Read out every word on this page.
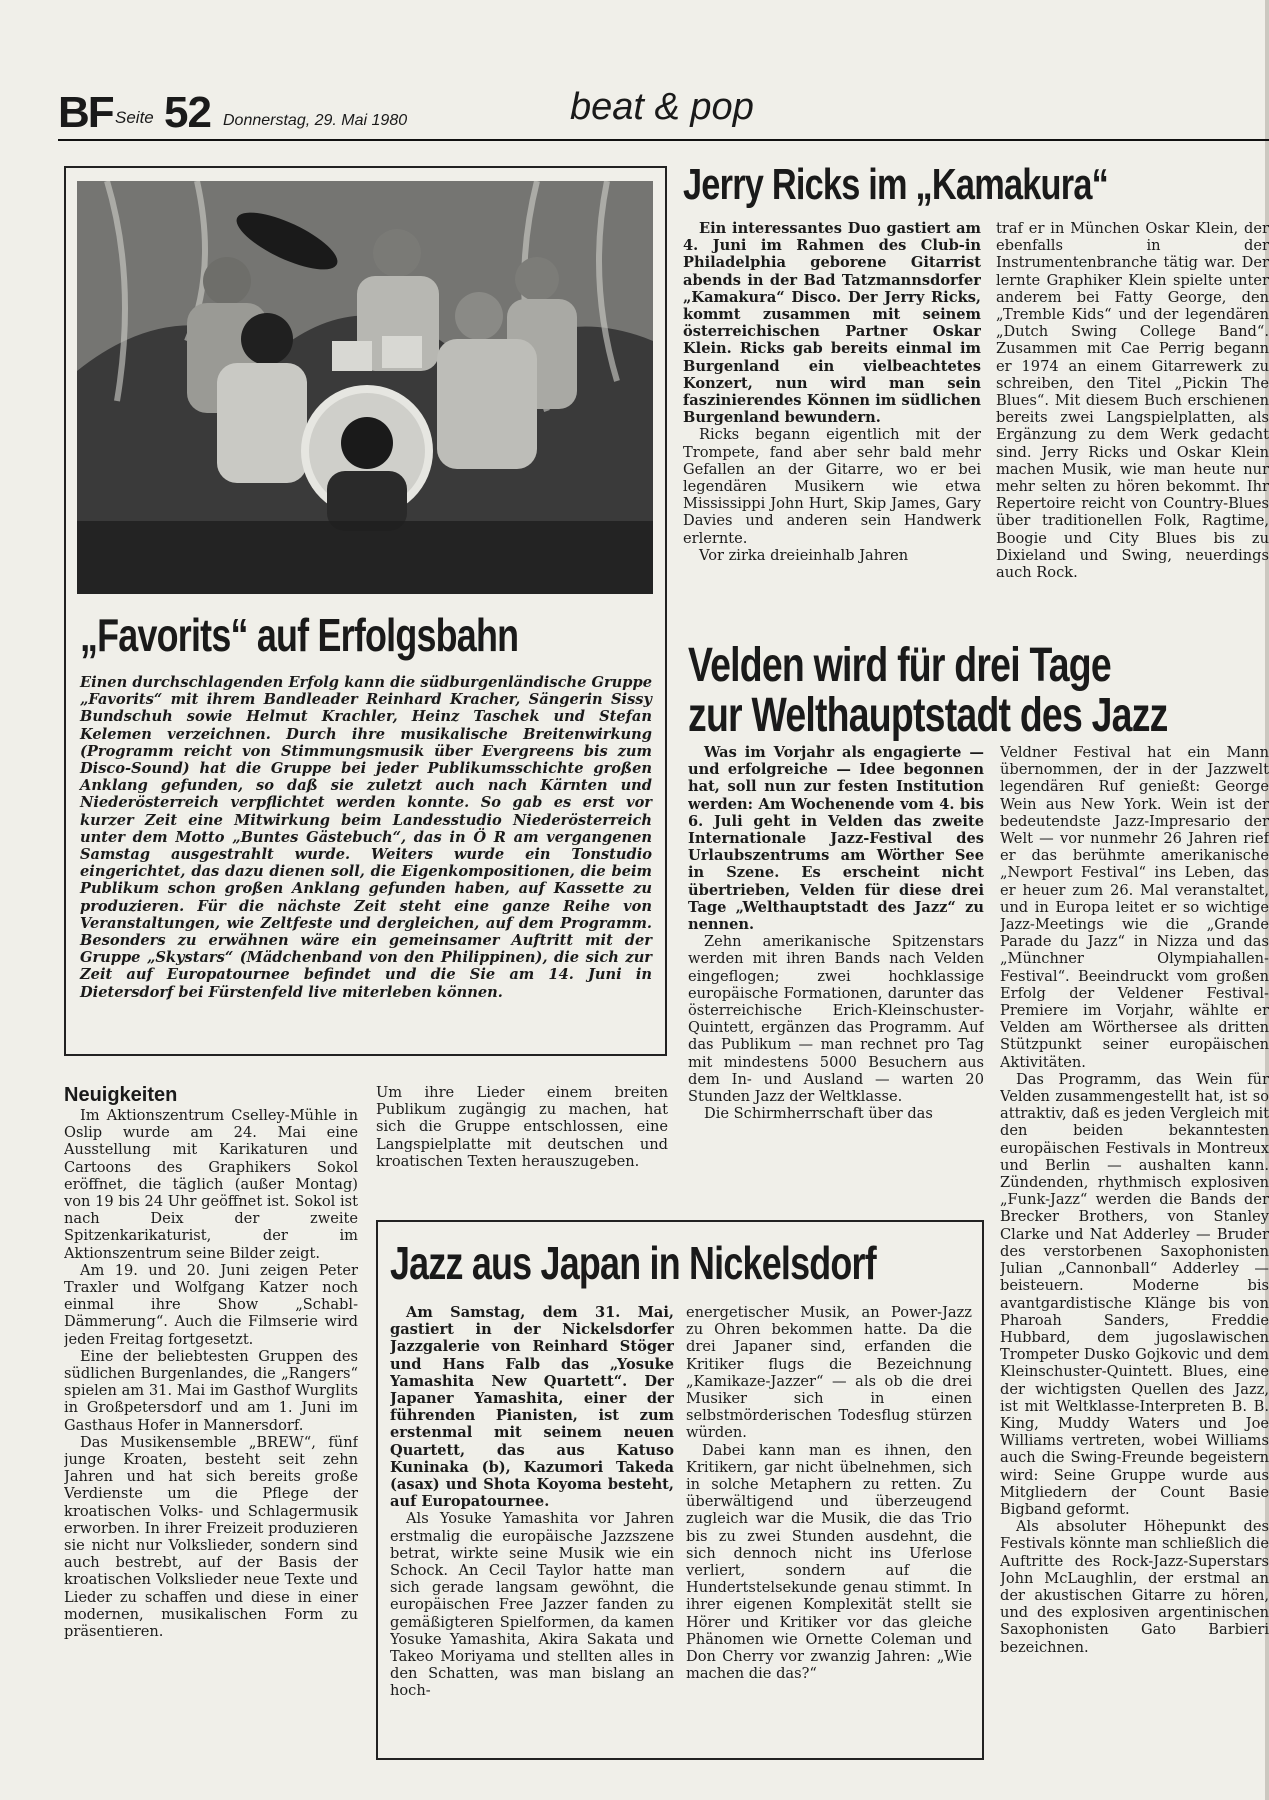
BF Seite 52 Donnerstag, 29. Mai 1980	beat & pop
„Favorits“ auf Erfolgsbahn
Einen durchschlagenden Erfolg kann die südburgenländische Gruppe „Favorits“ mit ihrem Bandleader Reinhard Kracher, Sängerin Sissy Bundschuh sowie Helmut Krachler, Heinz Taschek und Stefan Kelemen verzeichnen. Durch ihre musikalische Breitenwirkung (Programm reicht von Stimmungsmusik über Evergreens bis zum Disco-Sound) hat die Gruppe bei jeder Publikumsschichte großen Anklang gefunden, so daß sie zuletzt auch nach Kärnten und Niederösterreich verpflichtet werden konnte. So gab es erst vor kurzer Zeit eine Mitwirkung beim Landesstudio Niederösterreich unter dem Motto „Buntes Gästebuch“, das in Ö R am vergangenen Samstag ausgestrahlt wurde. Weiters wurde ein Tonstudio eingerichtet, das dazu dienen soll, die Eigenkompositionen, die beim Publikum schon großen Anklang gefunden haben, auf Kassette zu produzieren. Für die nächste Zeit steht eine ganze Reihe von Veranstaltungen, wie Zeltfeste und dergleichen, auf dem Programm. Besonders zu erwähnen wäre ein gemeinsamer Auftritt mit der Gruppe „Skystars“ (Mädchenband von den Philippinen), die sich zur Zeit auf Europatournee befindet und die Sie am 14. Juni in Dietersdorf bei Fürstenfeld live miterleben können.
Neuigkeiten

Im Aktionszentrum Cselley-Mühle in Oslip wurde am 24. Mai eine Ausstellung mit Karikaturen und Cartoons des Graphikers Sokol eröffnet, die täglich (außer Montag) von 19 bis 24 Uhr geöffnet ist. Sokol ist nach Deix der zweite Spitzenkarikaturist, der im Aktionszentrum seine Bilder zeigt.

Am 19. und 20. Juni zeigen Peter Traxler und Wolfgang Katzer noch einmal ihre Show „Schabl-Dämmerung“. Auch die Filmserie wird jeden Freitag fortgesetzt.

Eine der beliebtesten Gruppen des südlichen Burgenlandes, die „Rangers“ spielen am 31. Mai im Gasthof Wurglits in Großpetersdorf und am 1. Juni im Gasthaus Hofer in Mannersdorf.

Das Musikensemble „BREW“, fünf junge Kroaten, besteht seit zehn Jahren und hat sich bereits große Verdienste um die Pflege der kroatischen Volks- und Schlagermusik erworben. In ihrer Freizeit produzieren sie nicht nur Volkslieder, sondern sind auch bestrebt, auf der Basis der kroatischen Volkslieder neue Texte und Lieder zu schaffen und diese in einer modernen, musikalischen Form zu präsentieren.

Um ihre Lieder einem breiten Publikum zugängig zu machen, hat sich die Gruppe entschlossen, eine Langspielplatte mit deutschen und kroatischen Texten herauszugeben.

Jerry Ricks im „Kamakura“

Ein interessantes Duo gastiert am 4. Juni im Rahmen des Club-in Philadelphia geborene Gitarrist abends in der Bad Tatzmannsdorfer „Kamakura“ Disco. Der Jerry Ricks, kommt zusammen mit seinem österreichischen Partner Oskar Klein. Ricks gab bereits einmal im Burgenland ein vielbeachtetes Konzert, nun wird man sein faszinierendes Können im südlichen Burgenland bewundern.

Ricks begann eigentlich mit der Trompete, fand aber sehr bald mehr Gefallen an der Gitarre, wo er bei legendären Musikern wie etwa Mississippi John Hurt, Skip James, Gary Davies und anderen sein Handwerk erlernte.

Vor zirka dreieinhalb Jahren

traf er in München Oskar Klein, der ebenfalls in der Instrumentenbranche tätig war. Der lernte Graphiker Klein spielte unter anderem bei Fatty George, den „Tremble Kids“ und der legendären „Dutch Swing College Band“. Zusammen mit Cae Perrig begann er 1974 an einem Gitarrewerk zu schreiben, den Titel „Pickin The Blues“. Mit diesem Buch erschienen bereits zwei Langspielplatten, als Ergänzung zu dem Werk gedacht sind. Jerry Ricks und Oskar Klein machen Musik, wie man heute nur mehr selten zu hören bekommt. Ihr Repertoire reicht von Country-Blues über traditionellen Folk, Ragtime, Boogie und City Blues bis zu Dixieland und Swing, neuerdings auch Rock.

Velden wird für drei Tage
zur Welthauptstadt des Jazz

Was im Vorjahr als engagierte — und erfolgreiche — Idee begonnen hat, soll nun zur festen Institution werden: Am Wochenende vom 4. bis 6. Juli geht in Velden das zweite Internationale Jazz-Festival des Urlaubszentrums am Wörther See in Szene. Es erscheint nicht übertrieben, Velden für diese drei Tage „Welthauptstadt des Jazz“ zu nennen.

Zehn amerikanische Spitzenstars werden mit ihren Bands nach Velden eingeflogen; zwei hochklassige europäische Formationen, darunter das österreichische Erich-Kleinschuster-Quintett, ergänzen das Programm. Auf das Publikum — man rechnet pro Tag mit mindestens 5000 Besuchern aus dem In- und Ausland — warten 20 Stunden Jazz der Weltklasse.

Die Schirmherrschaft über das

Veldner Festival hat ein Mann übernommen, der in der Jazzwelt legendären Ruf genießt: George Wein aus New York. Wein ist der bedeutendste Jazz-Impresario der Welt — vor nunmehr 26 Jahren rief er das berühmte amerikanische „Newport Festival“ ins Leben, das er heuer zum 26. Mal veranstaltet, und in Europa leitet er so wichtige Jazz-Meetings wie die „Grande Parade du Jazz“ in Nizza und das „Münchner Olympiahallen-Festival“. Beeindruckt vom großen Erfolg der Veldener Festival-Premiere im Vorjahr, wählte er Velden am Wörthersee als dritten Stützpunkt seiner europäischen Aktivitäten.

Das Programm, das Wein für Velden zusammengestellt hat, ist so attraktiv, daß es jeden Vergleich mit den beiden bekanntesten europäischen Festivals in Montreux und Berlin — aushalten kann. Zündenden, rhythmisch explosiven „Funk-Jazz“ werden die Bands der Brecker Brothers, von Stanley Clarke und Nat Adderley — Bruder des verstorbenen Saxophonisten Julian „Cannonball“ Adderley — beisteuern. Moderne bis avantgardistische Klänge bis von Pharoah Sanders, Freddie Hubbard, dem jugoslawischen Trompeter Dusko Gojkovic und dem Kleinschuster-Quintett. Blues, eine der wichtigsten Quellen des Jazz, ist mit Weltklasse-Interpreten B. B. King, Muddy Waters und Joe Williams vertreten, wobei Williams auch die Swing-Freunde begeistern wird: Seine Gruppe wurde aus Mitgliedern der Count Basie Bigband geformt.

Als absoluter Höhepunkt des Festivals könnte man schließlich die Auftritte des Rock-Jazz-Superstars John McLaughlin, der erstmal an der akustischen Gitarre zu hören, und des explosiven argentinischen Saxophonisten Gato Barbieri bezeichnen.

Jazz aus Japan in Nickelsdorf

Am Samstag, dem 31. Mai, gastiert in der Nickelsdorfer Jazzgalerie von Reinhard Stöger und Hans Falb das „Yosuke Yamashita New Quartett“. Der Japaner Yamashita, einer der führenden Pianisten, ist zum erstenmal mit seinem neuen Quartett, das aus Katuso Kuninaka (b), Kazumori Takeda (asax) und Shota Koyoma besteht, auf Europatournee.

Als Yosuke Yamashita vor Jahren erstmalig die europäische Jazzszene betrat, wirkte seine Musik wie ein Schock. An Cecil Taylor hatte man sich gerade langsam gewöhnt, die europäischen Free Jazzer fanden zu gemäßigteren Spielformen, da kamen Yosuke Yamashita, Akira Sakata und Takeo Moriyama und stellten alles in den Schatten, was man bislang an hoch-

energetischer Musik, an Power-Jazz zu Ohren bekommen hatte. Da die drei Japaner sind, erfanden die Kritiker flugs die Bezeichnung „Kamikaze-Jazzer“ — als ob die drei Musiker sich in einen selbstmörderischen Todesflug stürzen würden.

Dabei kann man es ihnen, den Kritikern, gar nicht übelnehmen, sich in solche Metaphern zu retten. Zu überwältigend und überzeugend zugleich war die Musik, die das Trio bis zu zwei Stunden ausdehnt, die sich dennoch nicht ins Uferlose verliert, sondern auf die Hundertstelsekunde genau stimmt. In ihrer eigenen Komplexität stellt sie Hörer und Kritiker vor das gleiche Phänomen wie Ornette Coleman und Don Cherry vor zwanzig Jahren: „Wie machen die das?“
